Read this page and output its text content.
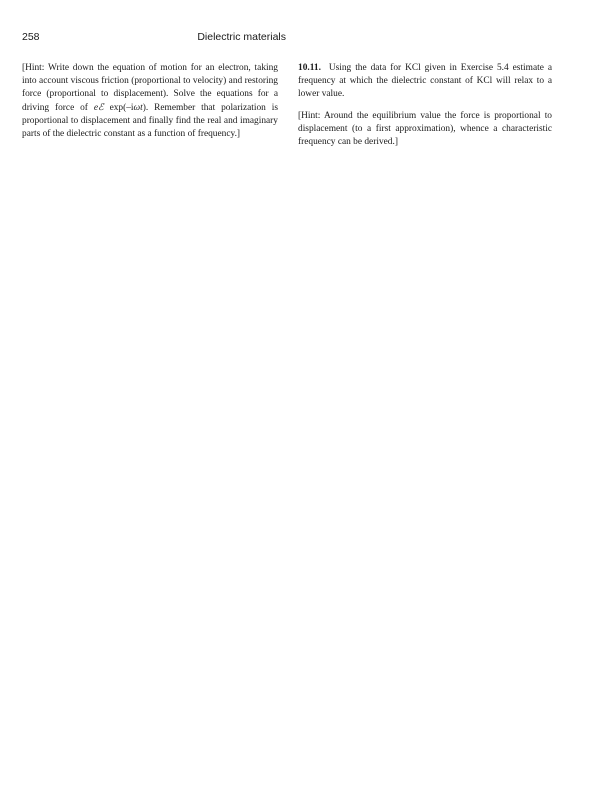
258	Dielectric materials

[Hint: Write down the equation of motion for an electron, taking into account viscous friction (proportional to velocity) and restoring force (proportional to displacement). Solve the equations for a driving force of eℰ exp(–iωt). Remember that polarization is proportional to displacement and finally find the real and imaginary parts of the dielectric constant as a function of frequency.]

10.11. Using the data for KCl given in Exercise 5.4 estimate a frequency at which the dielectric constant of KCl will relax to a lower value.

[Hint: Around the equilibrium value the force is proportional to displacement (to a first approximation), whence a characteristic frequency can be derived.]
